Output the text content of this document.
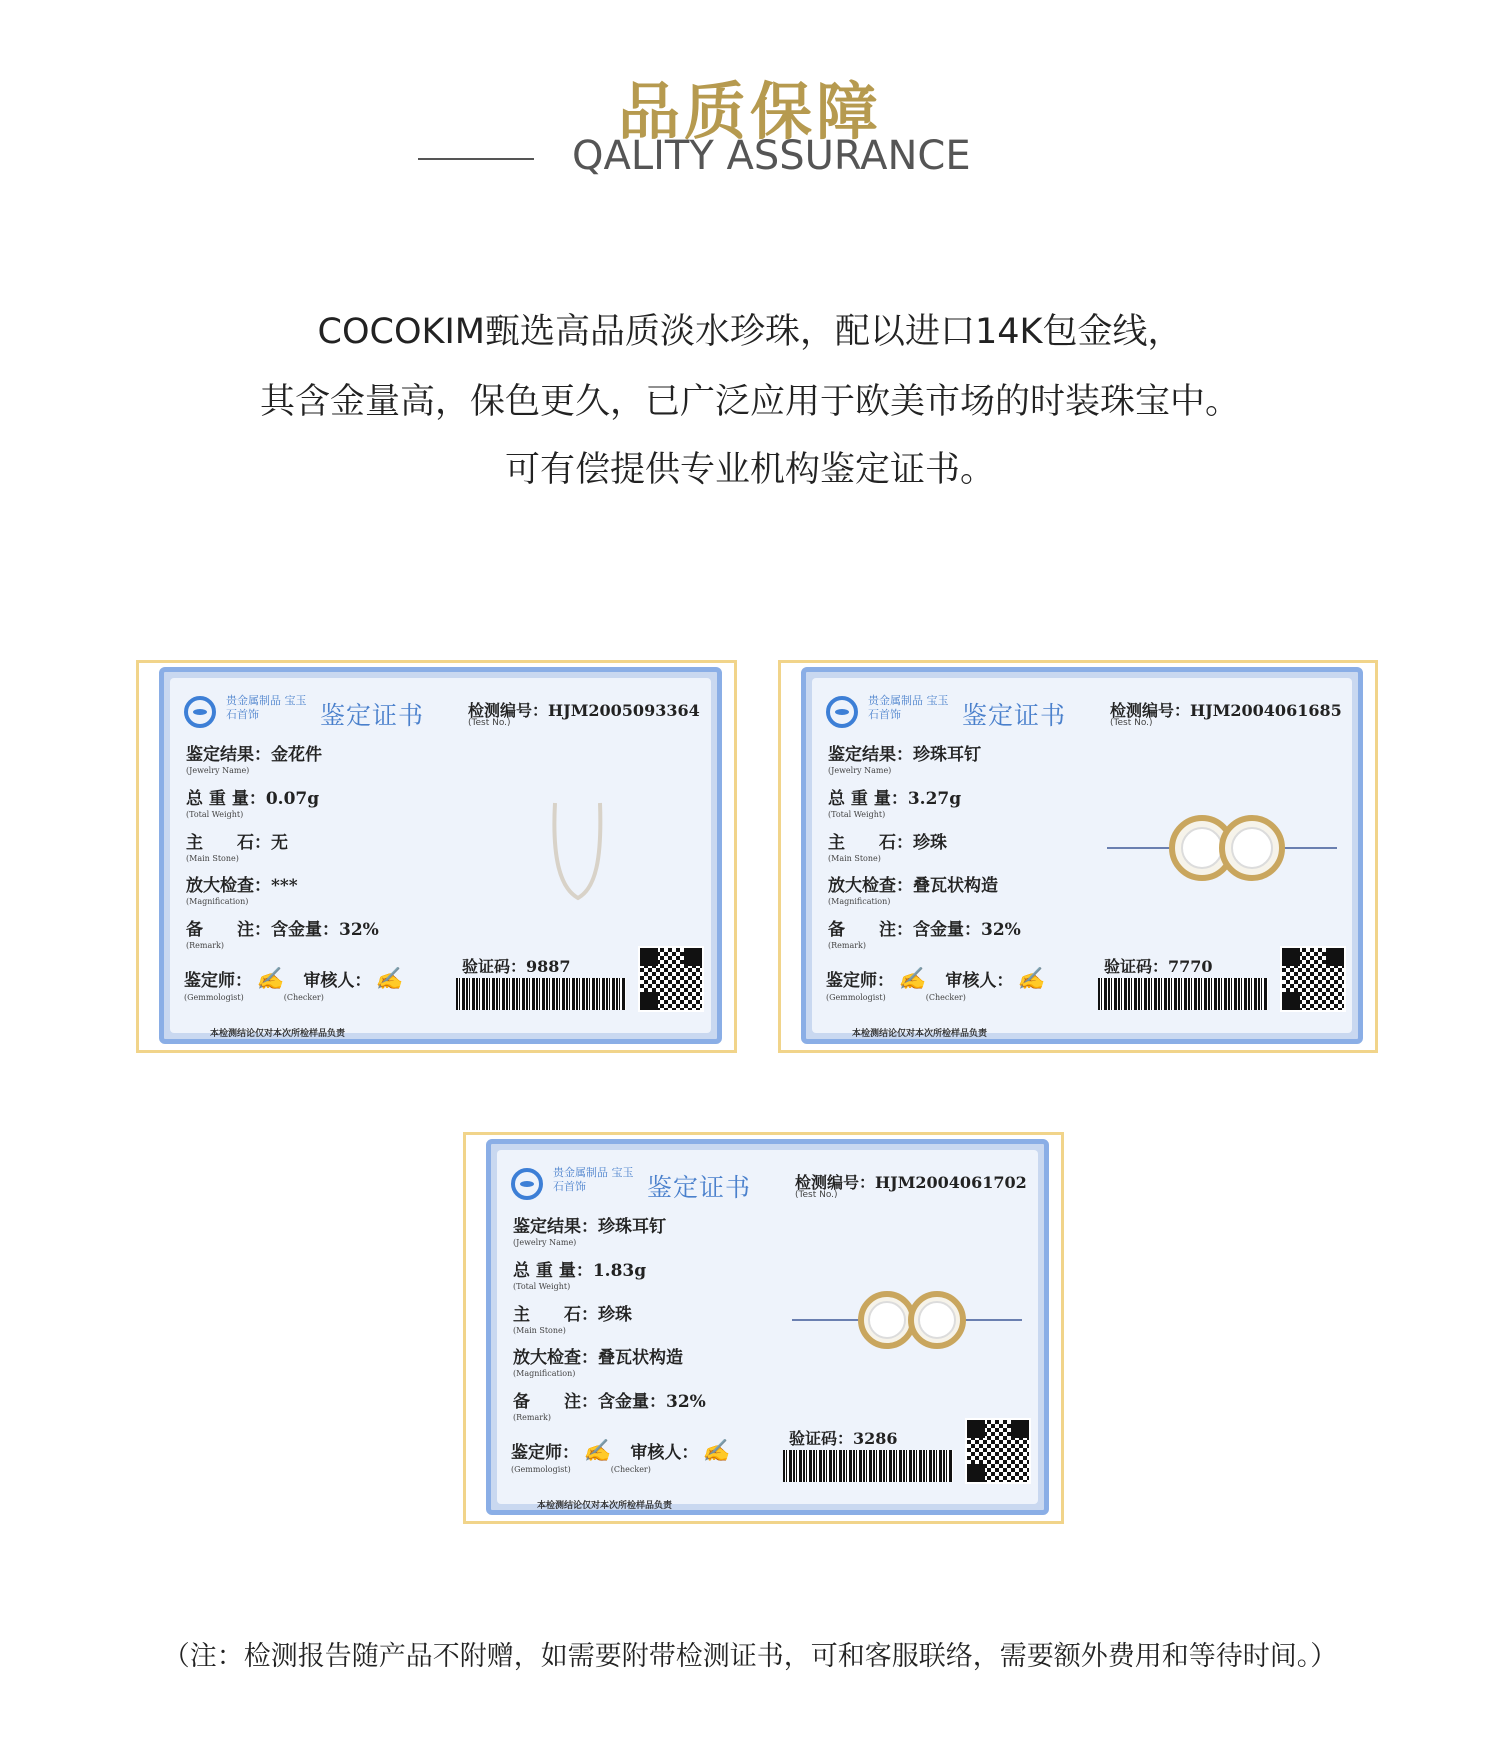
品质保障
QALITY ASSURANCE
COCOKIM甄选高品质淡水珍珠，配以进口14K包金线，
其含金量高，保色更久，已广泛应用于欧美市场的时装珠宝中。
可有偿提供专业机构鉴定证书。
贵金属制品 宝玉石首饰	鉴定证书	检测编号：HJM2005093364
(Test No.)
鉴定结果：金花件
(Jewelry Name)
总 重 量：0.07g
(Total Weight)
主　　石：无
(Main Stone)
放大检查：***
(Magnification)
备　　注：含金量：32%
(Remark)
鉴定师： ✍ 审核人： ✍
(Gemmologist)　　　　　	(Checker)
本检测结论仅对本次所检样品负责
验证码：9887
贵金属制品 宝玉石首饰	鉴定证书	检测编号：HJM2004061685
(Test No.)
鉴定结果：珍珠耳钉
(Jewelry Name)
总 重 量：3.27g
(Total Weight)
主　　石：珍珠
(Main Stone)
放大检查：叠瓦状构造
(Magnification)
备　　注：含金量：32%
(Remark)
鉴定师： ✍ 审核人： ✍
(Gemmologist)　　　　　	(Checker)
本检测结论仅对本次所检样品负责
验证码：7770
贵金属制品 宝玉石首饰	鉴定证书	检测编号：HJM2004061702
(Test No.)
鉴定结果：珍珠耳钉
(Jewelry Name)
总 重 量：1.83g
(Total Weight)
主　　石：珍珠
(Main Stone)
放大检查：叠瓦状构造
(Magnification)
备　　注：含金量：32%
(Remark)
鉴定师： ✍ 审核人： ✍
(Gemmologist)　　　　　	(Checker)
本检测结论仅对本次所检样品负责
验证码：3286
（注：检测报告随产品不附赠，如需要附带检测证书，可和客服联络，需要额外费用和等待时间。）
